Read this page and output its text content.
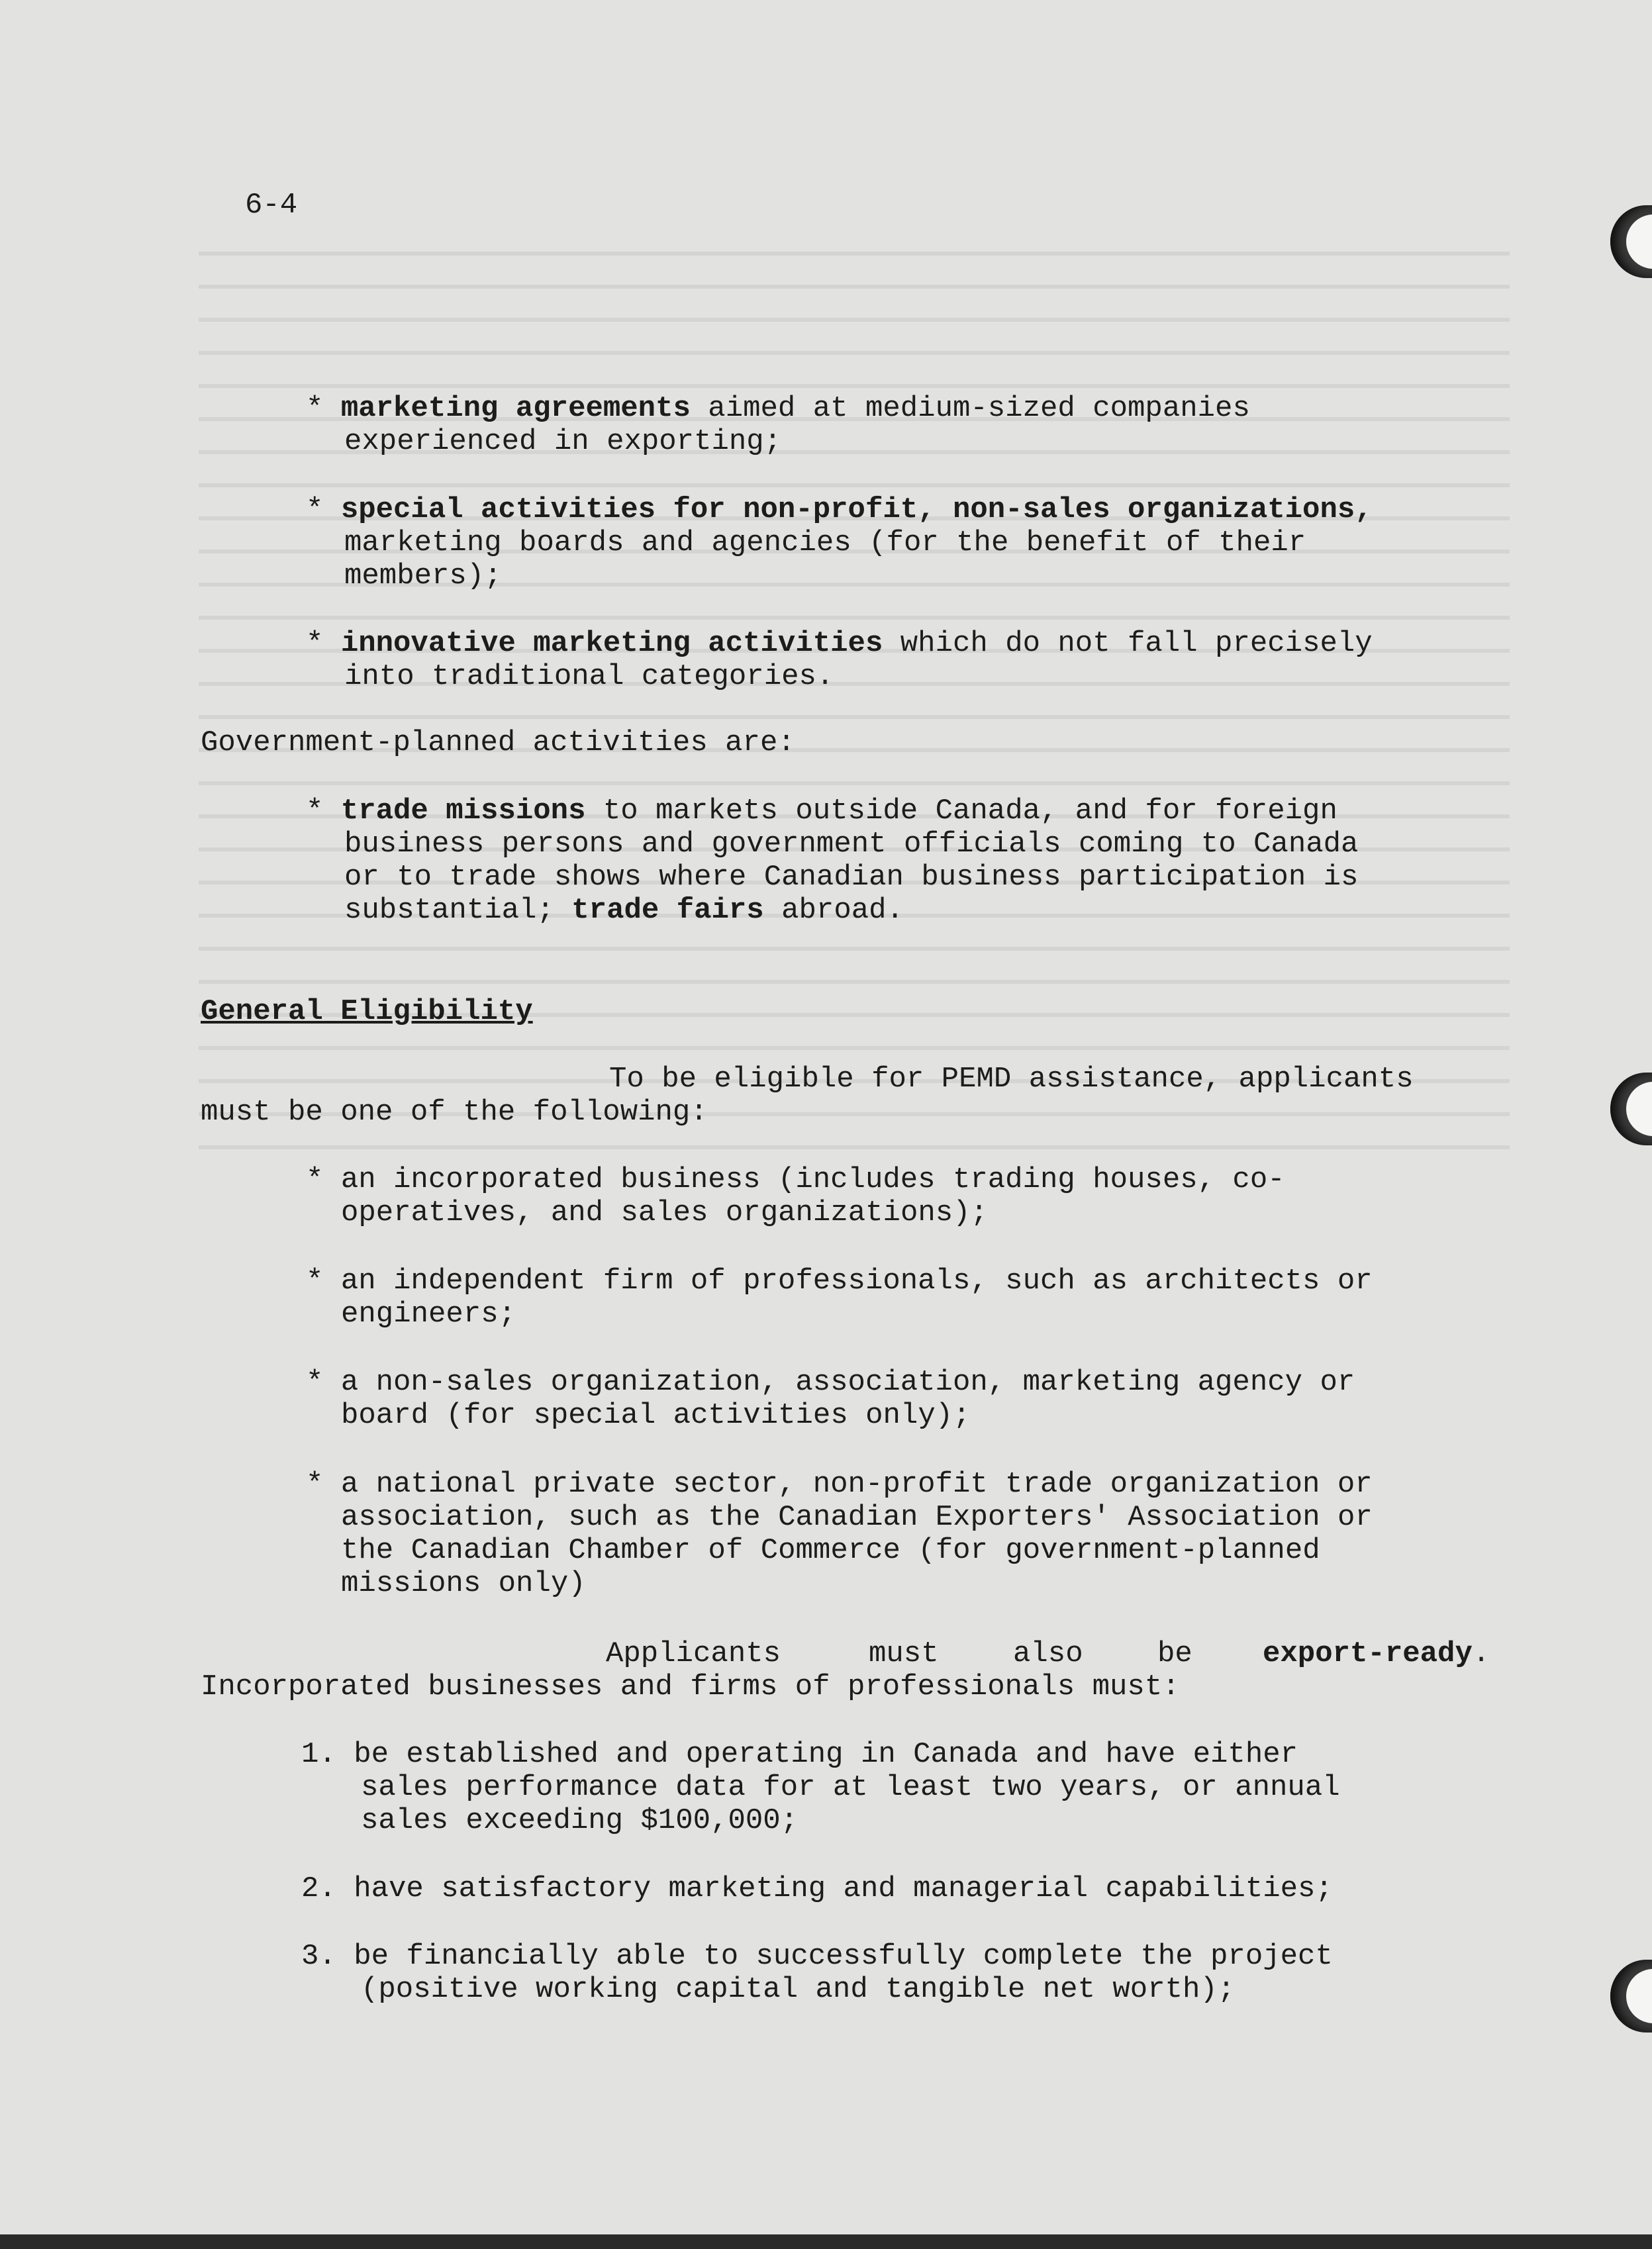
6-4

* marketing agreements aimed at medium-sized companies

experienced in exporting;

* special activities for non-profit, non-sales organizations,

marketing boards and agencies (for the benefit of their

members);

* innovative marketing activities which do not fall precisely

into traditional categories.

Government-planned activities are:

* trade missions to markets outside Canada, and for foreign

business persons and government officials coming to Canada

or to trade shows where Canadian business participation is

substantial; trade fairs abroad.

General Eligibility

To be eligible for PEMD assistance, applicants

must be one of the following:

* an incorporated business (includes trading houses, co-

operatives, and sales organizations);

* an independent firm of professionals, such as architects or

engineers;

* a non-sales organization, association, marketing agency or

board (for special activities only);

* a national private sector, non-profit trade organization or

association, such as the Canadian Exporters' Association or

the Canadian Chamber of Commerce (for government-planned

missions only)

Applicants

	must

	also

	be

export-ready.

Incorporated businesses and firms of professionals must:

1. be established and operating in Canada and have either

sales performance data for at least two years, or annual

sales exceeding $100,000;

2. have satisfactory marketing and managerial capabilities;

3. be financially able to successfully complete the project

(positive working capital and tangible net worth);
